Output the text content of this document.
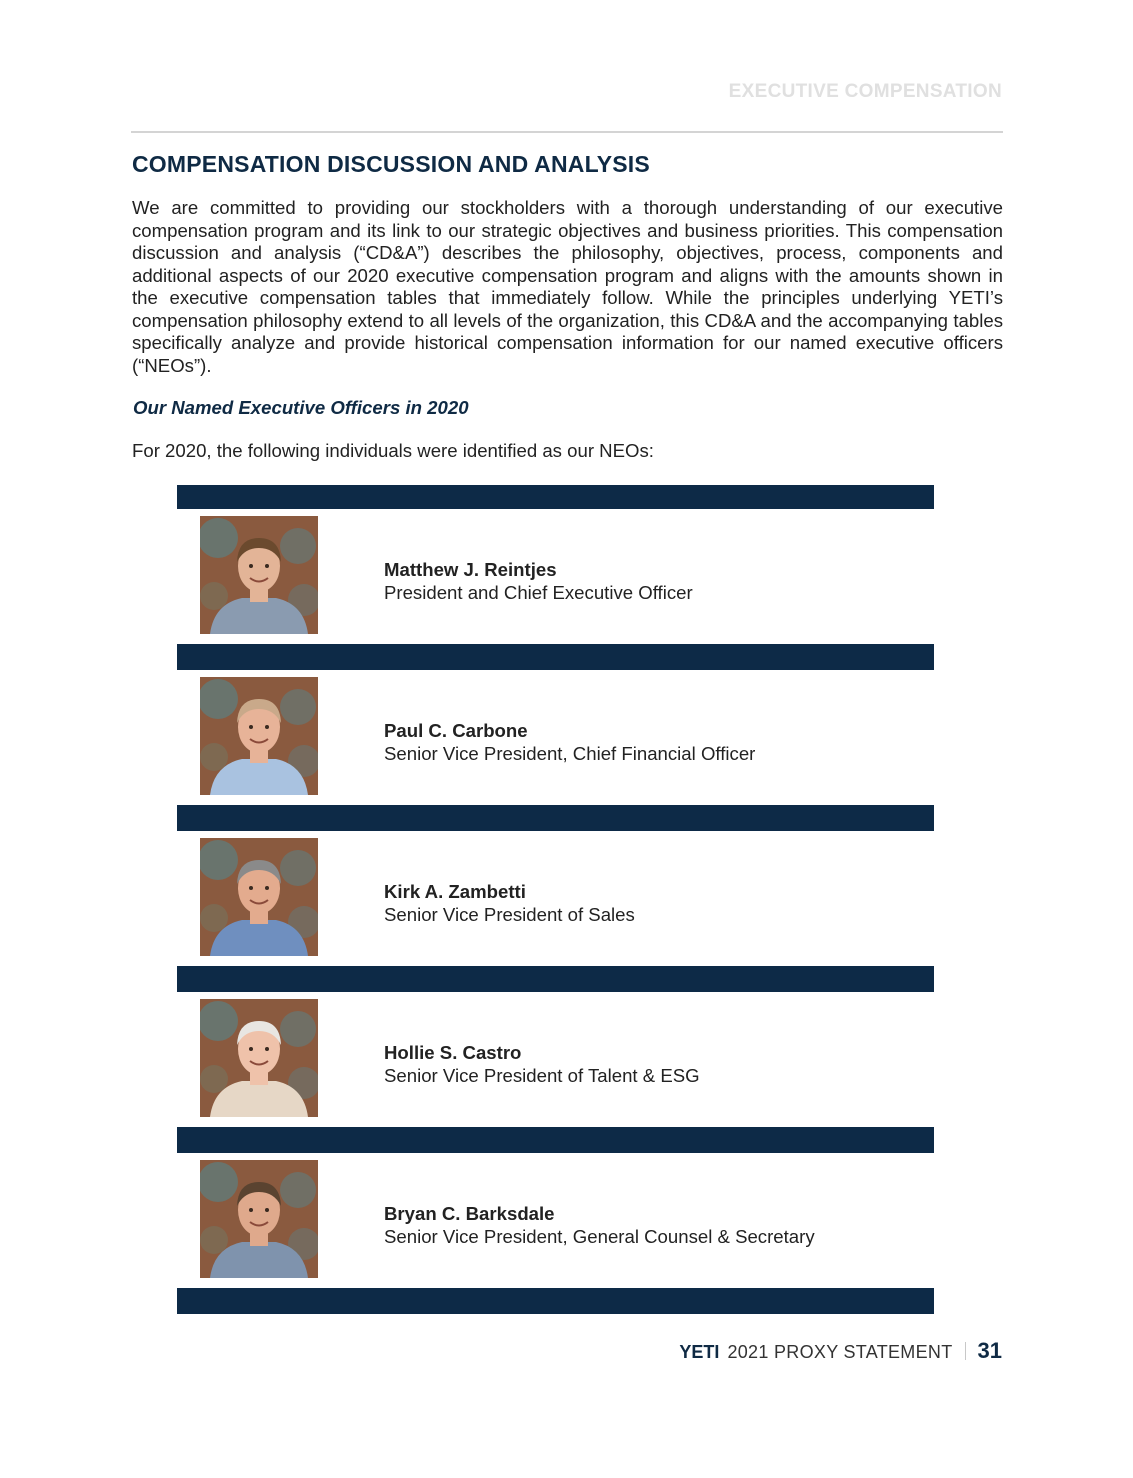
EXECUTIVE COMPENSATION
COMPENSATION DISCUSSION AND ANALYSIS

We are committed to providing our stockholders with a thorough understanding of our executive compensation program and its link to our strategic objectives and business priorities. This compensation discussion and analysis (“CD&A”) describes the philosophy, objectives, process, components and additional aspects of our 2020 executive compensation program and aligns with the amounts shown in the executive compensation tables that immediately follow. While the principles underlying YETI’s compensation philosophy extend to all levels of the organization, this CD&A and the accompanying tables specifically analyze and provide historical compensation information for our named executive officers (“NEOs”).

Our Named Executive Officers in 2020

For 2020, the following individuals were identified as our NEOs:

Matthew J. Reintjes
President and Chief Executive Officer
Paul C. Carbone
Senior Vice President, Chief Financial Officer
Kirk A. Zambetti
Senior Vice President of Sales
Hollie S. Castro
Senior Vice President of Talent & ESG
Bryan C. Barksdale
Senior Vice President, General Counsel & Secretary
YETI 2021 PROXY STATEMENT 31
